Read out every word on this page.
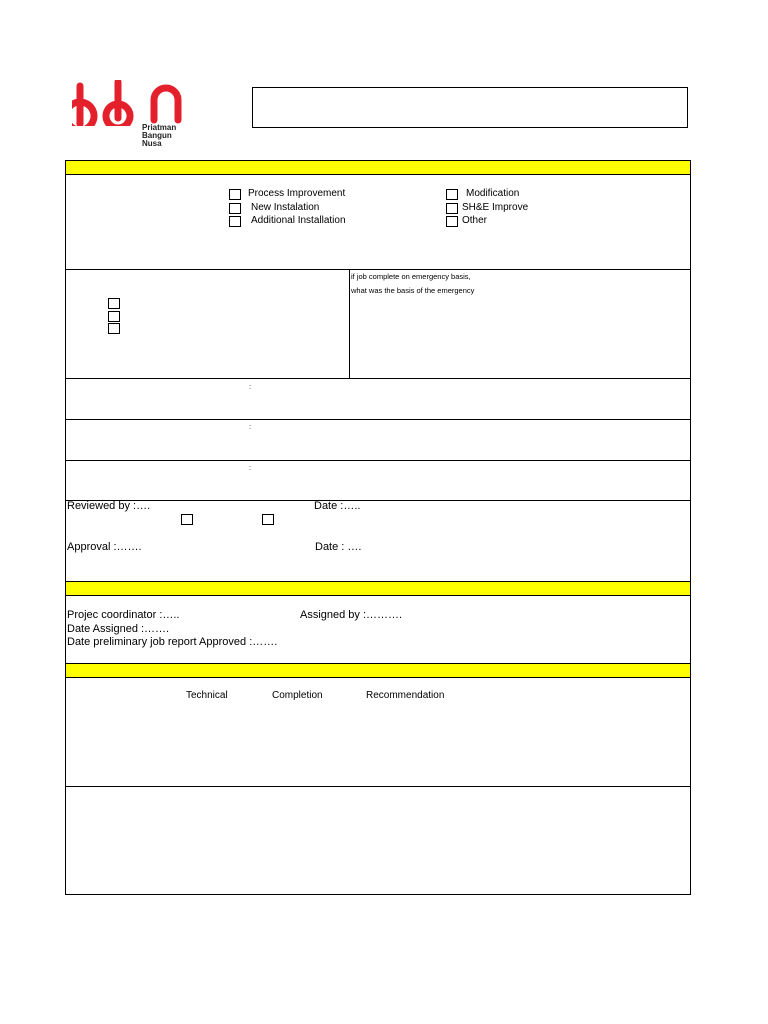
Priatman
Bangun
Nusa
Process Improvement
New Instalation
Additional Installation
Modification
SH&E Improve
Other
if job complete on emergency basis,
what was the basis of the emergency
:
:
:
Reviewed by :….	Date :…..
Approval :…….	Date : ….
Projec coordinator :…..	Assigned by :……….
Date Assigned :…….
Date preliminary job report Approved :…….
Technical	Completion	Recommendation
